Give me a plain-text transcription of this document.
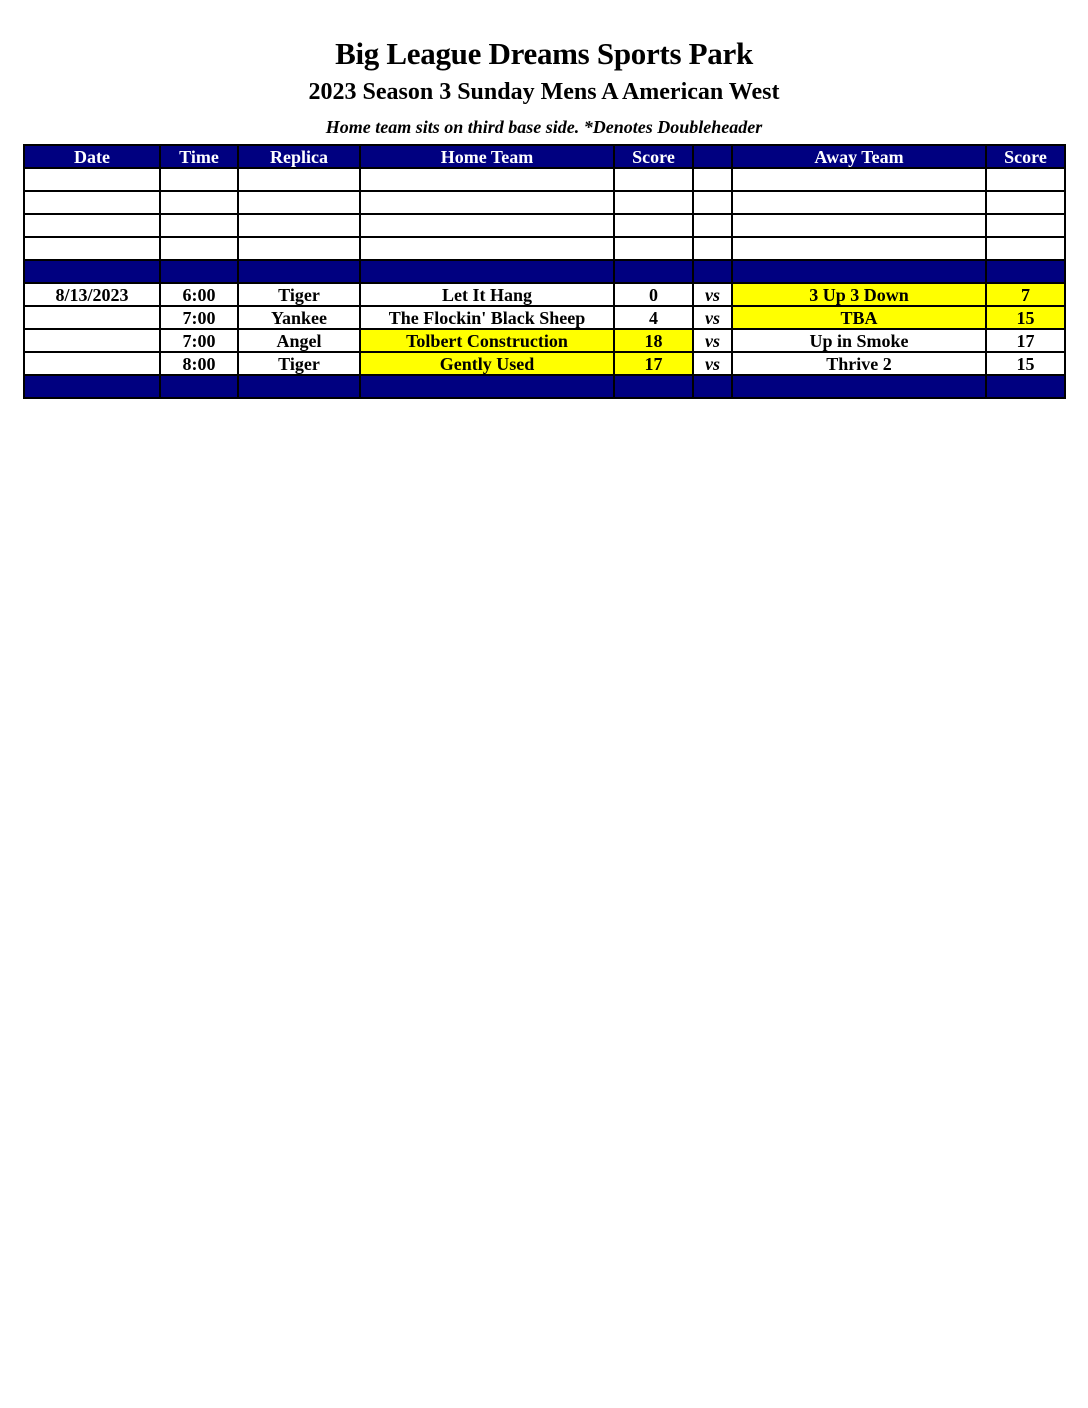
Big League Dreams Sports Park
2023 Season 3 Sunday Mens A American West
Home team sits on third base side. *Denotes Doubleheader
Date	Time	Replica	Home Team	Score		Away Team	Score

8/13/2023	6:00	Tiger	Let It Hang	0	vs	3 Up 3 Down	7
	7:00	Yankee	The Flockin' Black Sheep	4	vs	TBA	15
	7:00	Angel	Tolbert Construction	18	vs	Up in Smoke	17
	8:00	Tiger	Gently Used	17	vs	Thrive 2	15
